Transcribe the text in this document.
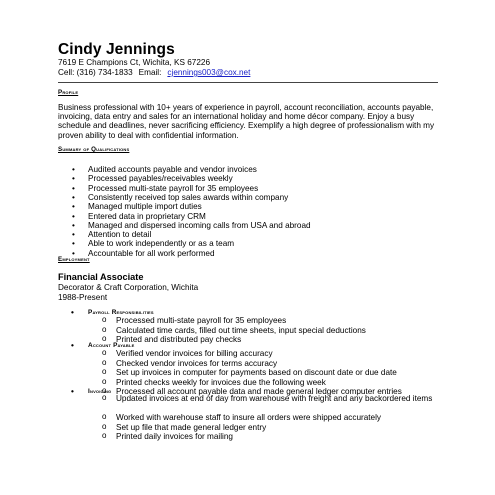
Cindy Jennings
7619 E Champions Ct, Wichita, KS 67226
Cell: (316) 734-1833 Email: cjennings003@cox.net
Profile
Business professional with 10+ years of experience in payroll, account reconciliation, accounts payable, invoicing, data entry and sales for an international holiday and home décor company. Enjoy a busy schedule and deadlines, never sacrificing efficiency. Exemplify a high degree of professionalism with my proven ability to deal with confidential information.
Summary of Qualifications
• Audited accounts payable and vendor invoices
• Processed payables/receivables weekly
• Processed multi-state payroll for 35 employees
• Consistently received top sales awards within company
• Managed multiple import duties
• Entered data in proprietary CRM
• Managed and dispersed incoming calls from USA and abroad
• Attention to detail
• Able to work independently or as a team
• Accountable for all work performed
Employment
Financial Associate
Decorator & Craft Corporation, Wichita
1988-Present
• Payroll Responsibilities
o Processed multi-state payroll for 35 employees
o Calculated time cards, filled out time sheets, input special deductions
o Printed and distributed pay checks
• Account Payable
o Verified vendor invoices for billing accuracy
o Checked vendor invoices for terms accuracy
o Set up invoices in computer for payments based on discount date or due date
o Printed checks weekly for invoices due the following week
o Processed all account payable data and made general ledger computer entries
• Invoicing
o Updated invoices at end of day from warehouse with freight and any backordered items
o Worked with warehouse staff to insure all orders were shipped accurately
o Set up file that made general ledger entry
o Printed daily invoices for mailing
